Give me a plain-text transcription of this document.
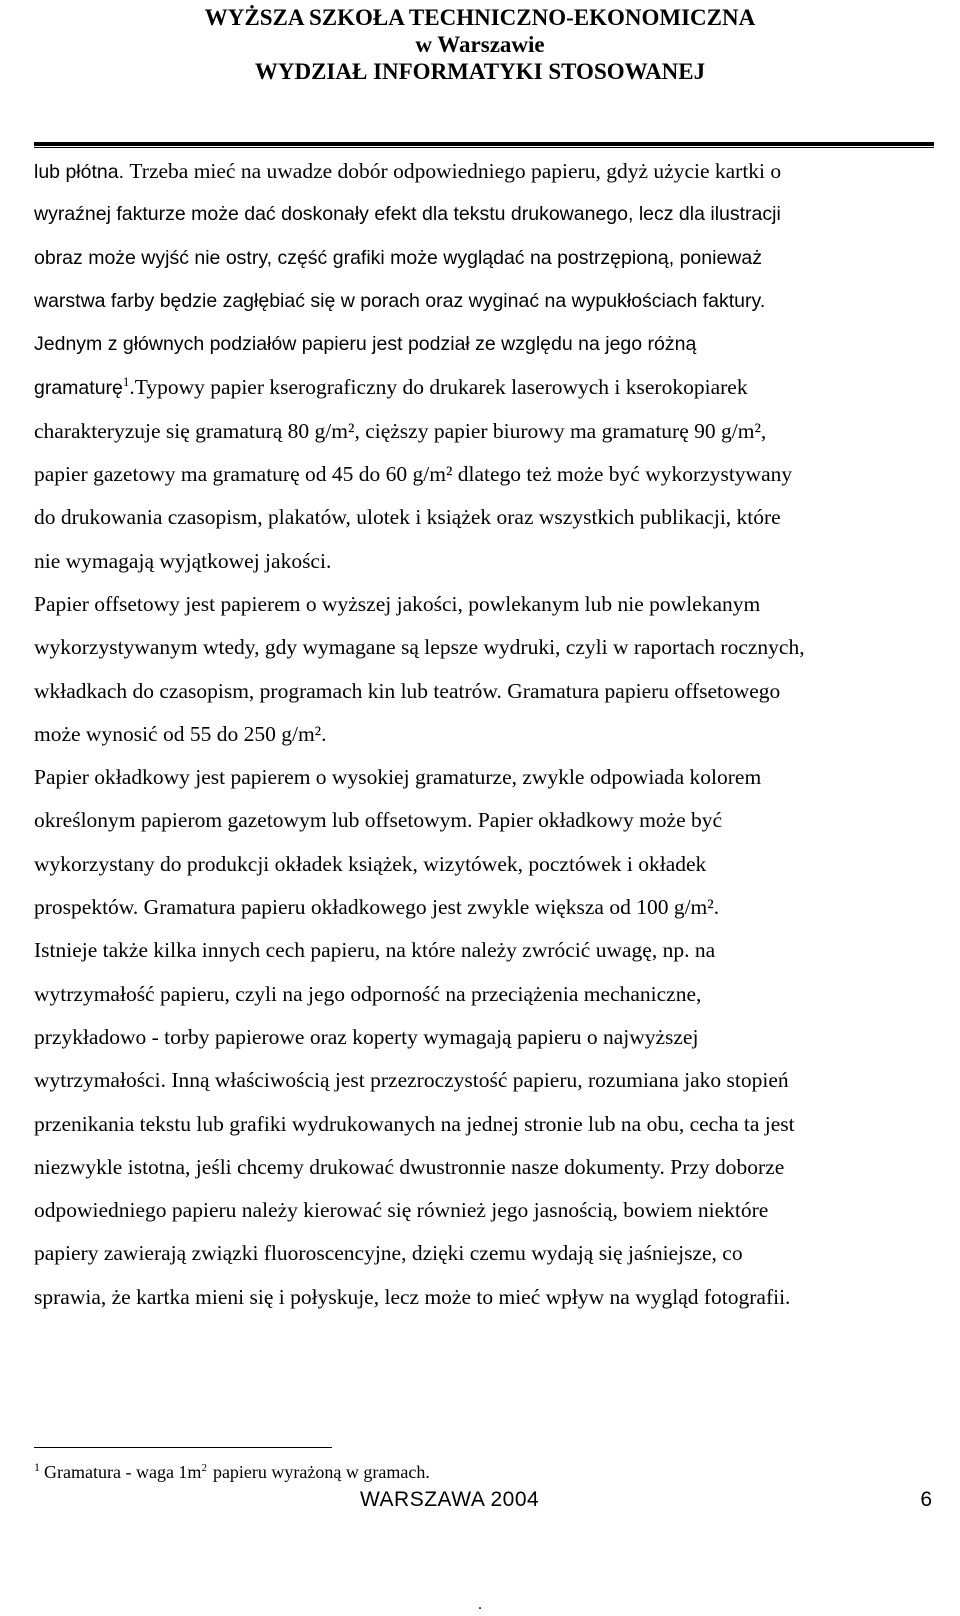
WYŻSZA SZKOŁA TECHNICZNO-EKONOMICZNA
w Warszawie
WYDZIAŁ INFORMATYKI STOSOWANEJ
lub płótna. Trzeba mieć na uwadze dobór odpowiedniego papieru, gdyż użycie kartki o
wyraźnej fakturze może dać doskonały efekt dla tekstu drukowanego, lecz dla ilustracji
obraz może wyjść nie ostry, część grafiki może wyglądać na postrzępioną, ponieważ
warstwa farby będzie zagłębiać się w porach oraz wyginać na wypukłościach faktury.
Jednym z głównych podziałów papieru jest podział ze względu na jego różną
gramaturę$^1$.Typowy papier kserograficzny do drukarek laserowych i kserokopiarek
charakteryzuje się gramaturą 80 g/m², cięższy papier biurowy ma gramaturę 90 g/m²,
papier gazetowy ma gramaturę od 45 do 60 g/m² dlatego też może być wykorzystywany
do drukowania czasopism, plakatów, ulotek i książek oraz wszystkich publikacji, które
nie wymagają wyjątkowej jakości.
Papier offsetowy jest papierem o wyższej jakości, powlekanym lub nie powlekanym
wykorzystywanym wtedy, gdy wymagane są lepsze wydruki, czyli w raportach rocznych,
wkładkach do czasopism, programach kin lub teatrów. Gramatura papieru offsetowego
może wynosić od 55 do 250 g/m².
Papier okładkowy jest papierem o wysokiej gramaturze, zwykle odpowiada kolorem
określonym papierom gazetowym lub offsetowym. Papier okładkowy może być
wykorzystany do produkcji okładek książek, wizytówek, pocztówek i okładek
prospektów. Gramatura papieru okładkowego jest zwykle większa od 100 g/m².
Istnieje także kilka innych cech papieru, na które należy zwrócić uwagę, np. na
wytrzymałość papieru, czyli na jego odporność na przeciążenia mechaniczne,
przykładowo - torby papierowe oraz koperty wymagają papieru o najwyższej
wytrzymałości. Inną właściwością jest przezroczystość papieru, rozumiana jako stopień
przenikania tekstu lub grafiki wydrukowanych na jednej stronie lub na obu, cecha ta jest
niezwykle istotna, jeśli chcemy drukować dwustronnie nasze dokumenty. Przy doborze
odpowiedniego papieru należy kierować się również jego jasnością, bowiem niektóre
papiery zawierają związki fluoroscencyjne, dzięki czemu wydają się jaśniejsze, co
sprawia, że kartka mieni się i połyskuje, lecz może to mieć wpływ na wygląd fotografii.
$^1$ Gramatura - waga 1m$^2$ papieru wyrażoną w gramach.
WARSZAWA 2004	6
.
